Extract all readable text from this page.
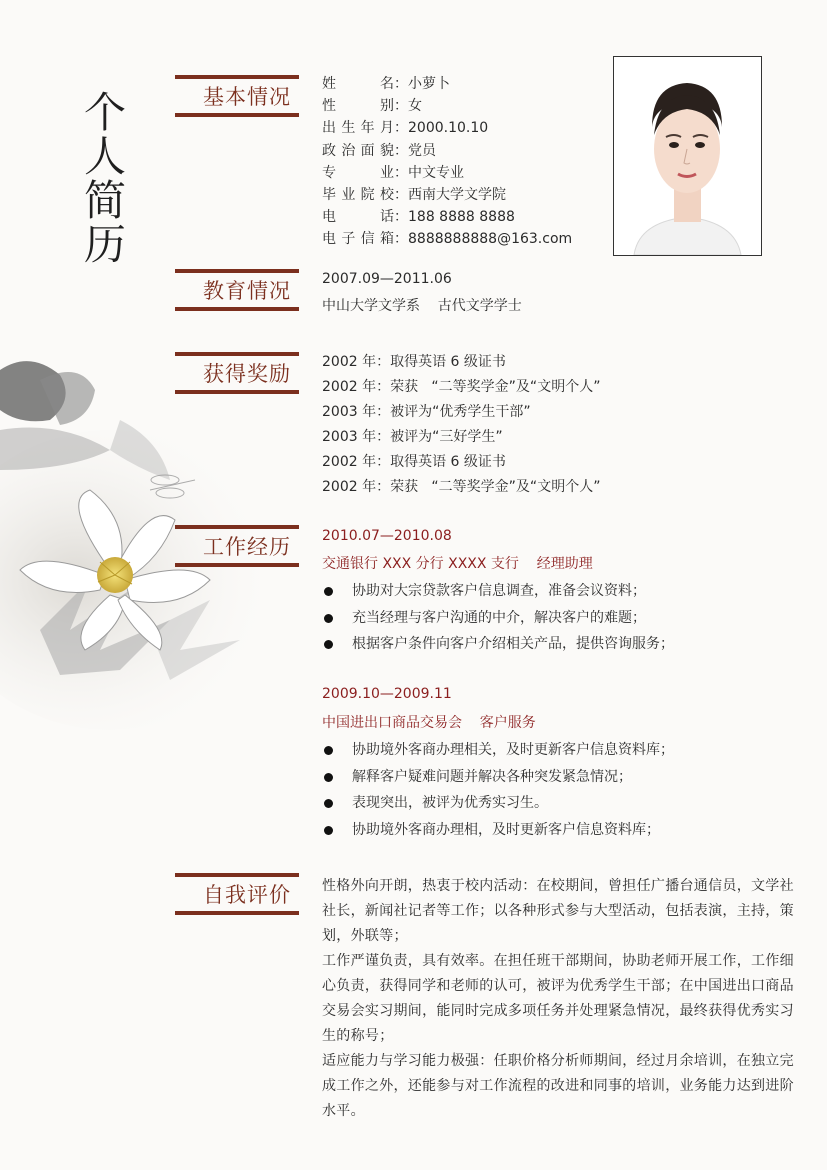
个人简历	基本情况
教育情况
获得奖励
工作经历
自我评价
姓名：小萝卜
性别：女
出生年月：2000.10.10
政治面貌：党员
专业：中文专业
毕业院校：西南大学文学院
电话：188 8888 8888
电子信箱：8888888888@163.com
2007.09—2011.06
中山大学文学系    古代文学学士
2002 年：取得英语 6 级证书
2002 年：荣获   “二等奖学金”及“文明个人”
2003 年：被评为“优秀学生干部”
2003 年：被评为“三好学生”
2002 年：取得英语 6 级证书
2002 年：荣获   “二等奖学金”及“文明个人”
2010.07—2010.08
交通银行 XXX 分行 XXXX 支行    经理助理
协助对大宗贷款客户信息调查，准备会议资料；
充当经理与客户沟通的中介，解决客户的难题；
根据客户条件向客户介绍相关产品，提供咨询服务；
2009.10—2009.11
中国进出口商品交易会    客户服务
协助境外客商办理相关，及时更新客户信息资料库；
解释客户疑难问题并解决各种突发紧急情况；
表现突出，被评为优秀实习生。
协助境外客商办理相，及时更新客户信息资料库；

性格外向开朗，热衷于校内活动：在校期间，曾担任广播台通信员，文学社社长，新闻社记者等工作；以各种形式参与大型活动，包括表演，主持，策划，外联等；

工作严谨负责，具有效率。在担任班干部期间，协助老师开展工作，工作细心负责，获得同学和老师的认可，被评为优秀学生干部；在中国进出口商品交易会实习期间，能同时完成多项任务并处理紧急情况，最终获得优秀实习生的称号；

适应能力与学习能力极强：任职价格分析师期间，经过月余培训，在独立完成工作之外，还能参与对工作流程的改进和同事的培训，业务能力达到进阶水平。
